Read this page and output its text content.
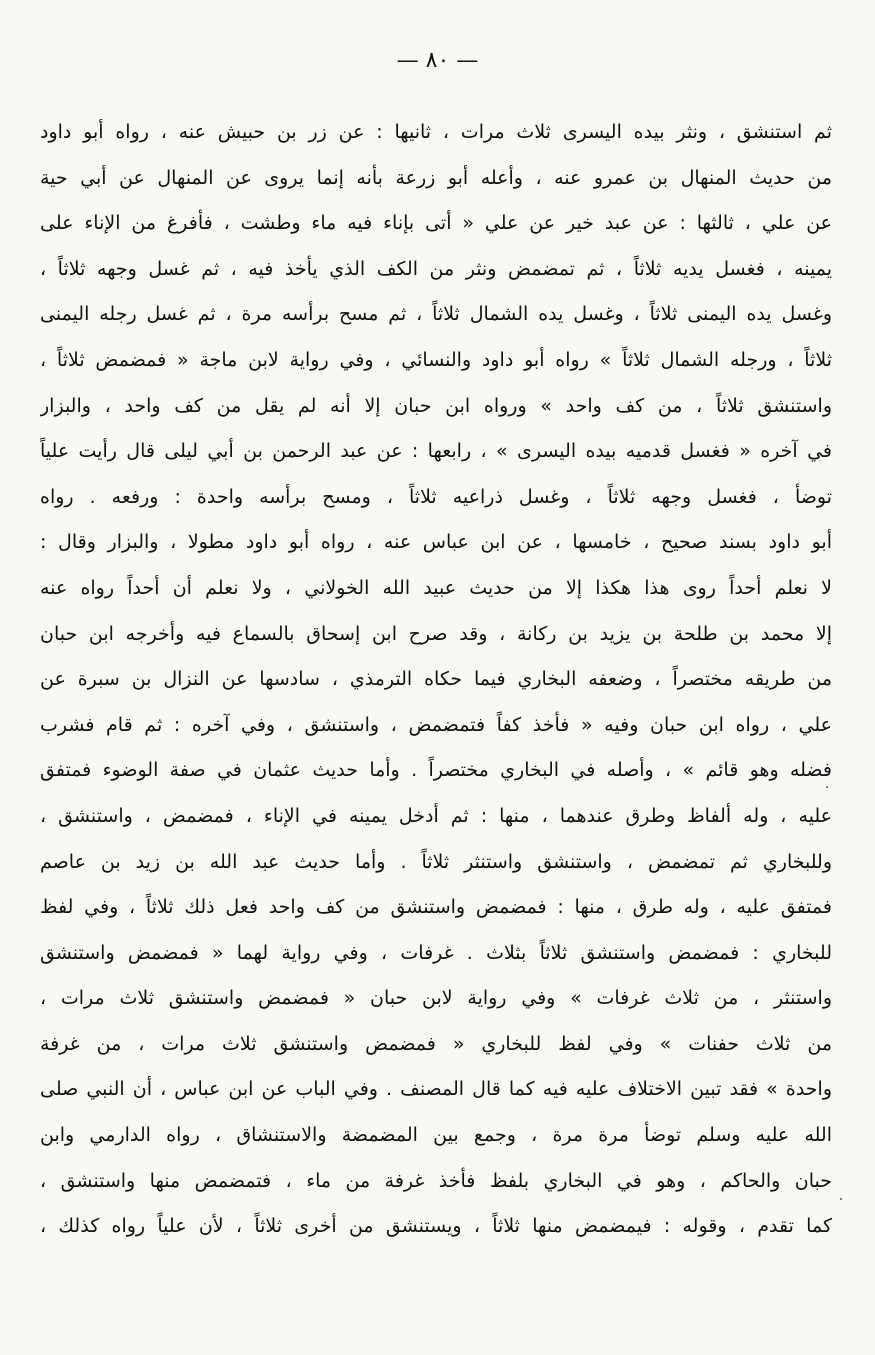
— ٨٠ —
ثم استنشق ، ونثر بيده اليسرى ثلاث مرات ، ثانيها : عن زر بن حبيش عنه ، رواه أبو داود
من حديث المنهال بن عمرو عنه ، وأعله أبو زرعة بأنه إنما يروى عن المنهال عن أبي حية
عن علي ، ثالثها : عن عبد خير عن علي « أتى بإناء فيه ماء وطشت ، فأفرغ من الإناء على
يمينه ، فغسل يديه ثلاثاً ، ثم تمضمض ونثر من الكف الذي يأخذ فيه ، ثم غسل وجهه ثلاثاً ،
وغسل يده اليمنى ثلاثاً ، وغسل يده الشمال ثلاثاً ، ثم مسح برأسه مرة ، ثم غسل رجله اليمنى
ثلاثاً ، ورجله الشمال ثلاثاً » رواه أبو داود والنسائي ، وفي رواية لابن ماجة « فمضمض ثلاثاً ،
واستنشق ثلاثاً ، من كف واحد » ورواه ابن حبان إلا أنه لم يقل من كف واحد ، والبزار
في آخره « فغسل قدميه بيده اليسرى » ، رابعها : عن عبد الرحمن بن أبي ليلى قال رأيت علياً
توضأ ، فغسل وجهه ثلاثاً ، وغسل ذراعيه ثلاثاً ، ومسح برأسه واحدة : ورفعه . رواه
أبو داود بسند صحيح ، خامسها ، عن ابن عباس عنه ، رواه أبو داود مطولا ، والبزار وقال :
لا نعلم أحداً روى هذا هكذا إلا من حديث عبيد الله الخولاني ، ولا نعلم أن أحداً رواه عنه
إلا محمد بن طلحة بن يزيد بن ركانة ، وقد صرح ابن إسحاق بالسماع فيه وأخرجه ابن حبان
من طريقه مختصراً ، وضعفه البخاري فيما حكاه الترمذي ، سادسها عن النزال بن سبرة عن
علي ، رواه ابن حبان وفيه « فأخذ كفاً فتمضمض ، واستنشق ، وفي آخره : ثم قام فشرب
فضله وهو قائم » ، وأصله في البخاري مختصراً . وأما حديث عثمان في صفة الوضوء فمتفق
عليه ، وله ألفاظ وطرق عندهما ، منها : ثم أدخل يمينه في الإناء ، فمضمض ، واستنشق ،
وللبخاري ثم تمضمض ، واستنشق واستنثر ثلاثاً . وأما حديث عبد الله بن زيد بن عاصم
فمتفق عليه ، وله طرق ، منها : فمضمض واستنشق من كف واحد فعل ذلك ثلاثاً ، وفي لفظ
للبخاري : فمضمض واستنشق ثلاثاً بثلاث . غرفات ، وفي رواية لهما « فمضمض واستنشق
واستنثر ، من ثلاث غرفات » وفي رواية لابن حبان « فمضمض واستنشق ثلاث مرات ،
من ثلاث حفنات » وفي لفظ للبخاري « فمضمض واستنشق ثلاث مرات ، من غرفة
واحدة » فقد تبين الاختلاف عليه فيه كما قال المصنف . وفي الباب عن ابن عباس ، أن النبي صلى
الله عليه وسلم توضأ مرة مرة ، وجمع بين المضمضة والاستنشاق ، رواه الدارمي وابن
حبان والحاكم ، وهو في البخاري بلفظ فأخذ غرفة من ماء ، فتمضمض منها واستنشق ،
كما تقدم ، وقوله : فيمضمض منها ثلاثاً ، ويستنشق من أخرى ثلاثاً ، لأن علياً رواه كذلك ،
